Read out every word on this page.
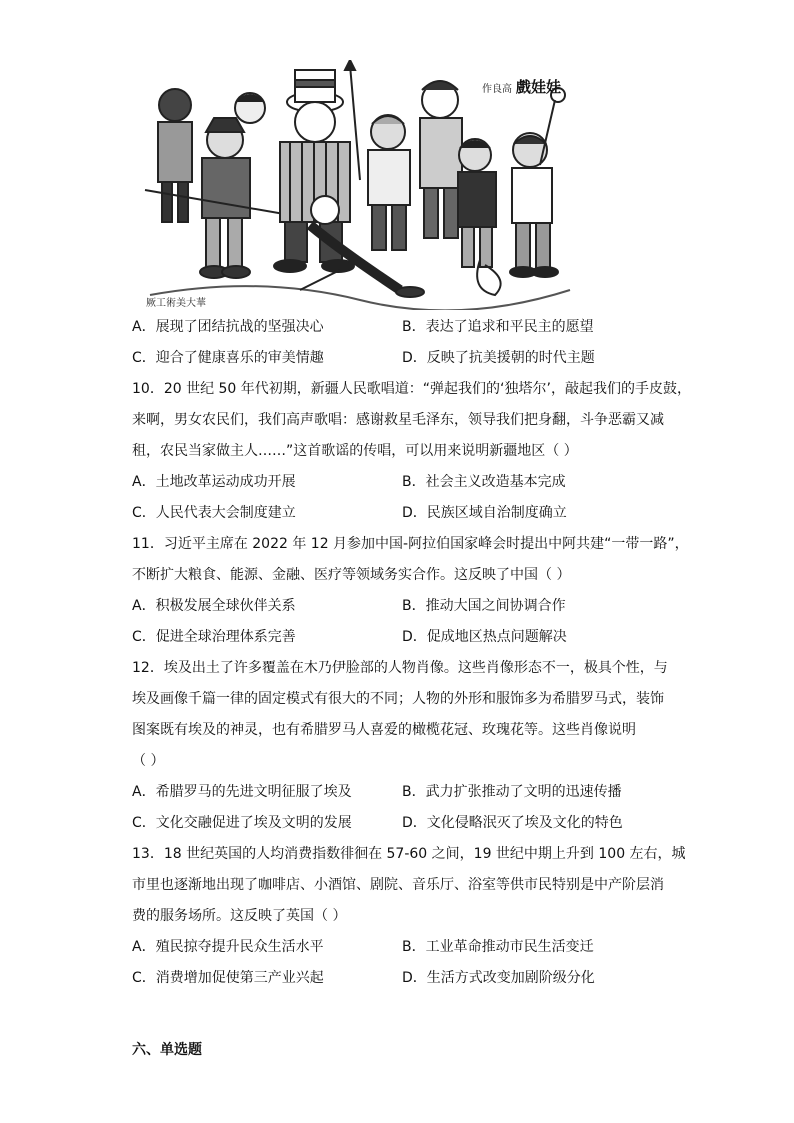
作良高 戲娃娃
厥工術美大華
A．展现了团结抗战的坚强决心	B．表达了追求和平民主的愿望
C．迎合了健康喜乐的审美情趣	D．反映了抗美援朝的时代主题
10．20 世纪 50 年代初期，新疆人民歌唱道：“弹起我们的‘独塔尔’，敲起我们的手皮鼓，
来啊，男女农民们，我们高声歌唱：感谢救星毛泽东，领导我们把身翻，斗争恶霸又减
租，农民当家做主人……”这首歌谣的传唱，可以用来说明新疆地区（ ）
A．土地改革运动成功开展	B．社会主义改造基本完成
C．人民代表大会制度建立	D．民族区域自治制度确立
11．习近平主席在 2022 年 12 月参加中国-阿拉伯国家峰会时提出中阿共建“一带一路”，
不断扩大粮食、能源、金融、医疗等领域务实合作。这反映了中国（ ）
A．积极发展全球伙伴关系	B．推动大国之间协调合作
C．促进全球治理体系完善	D．促成地区热点问题解决
12．埃及出土了许多覆盖在木乃伊脸部的人物肖像。这些肖像形态不一，极具个性，与
埃及画像千篇一律的固定模式有很大的不同；人物的外形和服饰多为希腊罗马式，装饰
图案既有埃及的神灵，也有希腊罗马人喜爱的橄榄花冠、玫瑰花等。这些肖像说明
（ ）
A．希腊罗马的先进文明征服了埃及	B．武力扩张推动了文明的迅速传播
C．文化交融促进了埃及文明的发展	D．文化侵略泯灭了埃及文化的特色
13．18 世纪英国的人均消费指数徘徊在 57-60 之间，19 世纪中期上升到 100 左右，城
市里也逐渐地出现了咖啡店、小酒馆、剧院、音乐厅、浴室等供市民特别是中产阶层消
费的服务场所。这反映了英国（ ）
A．殖民掠夺提升民众生活水平	B．工业革命推动市民生活变迁
C．消费增加促使第三产业兴起	D．生活方式改变加剧阶级分化
六、单选题
